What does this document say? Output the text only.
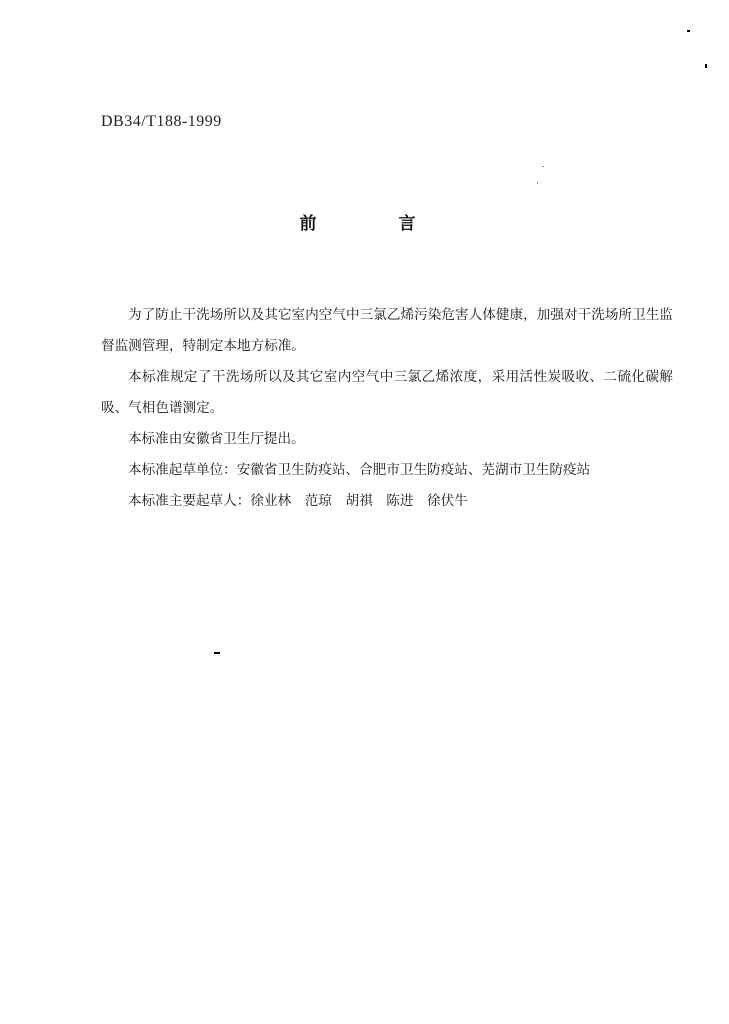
DB34/T188-1999
前 言

为了防止干洗场所以及其它室内空气中三氯乙烯污染危害人体健康，加强对干洗场所卫生监督监测管理，特制定本地方标准。

本标准规定了干洗场所以及其它室内空气中三氯乙烯浓度，采用活性炭吸收、二硫化碳解吸、气相色谱测定。

本标准由安徽省卫生厅提出。

本标准起草单位：安徽省卫生防疫站、合肥市卫生防疫站、芜湖市卫生防疫站

本标准主要起草人：徐业林　范琼　胡祺　陈进　徐伏牛
